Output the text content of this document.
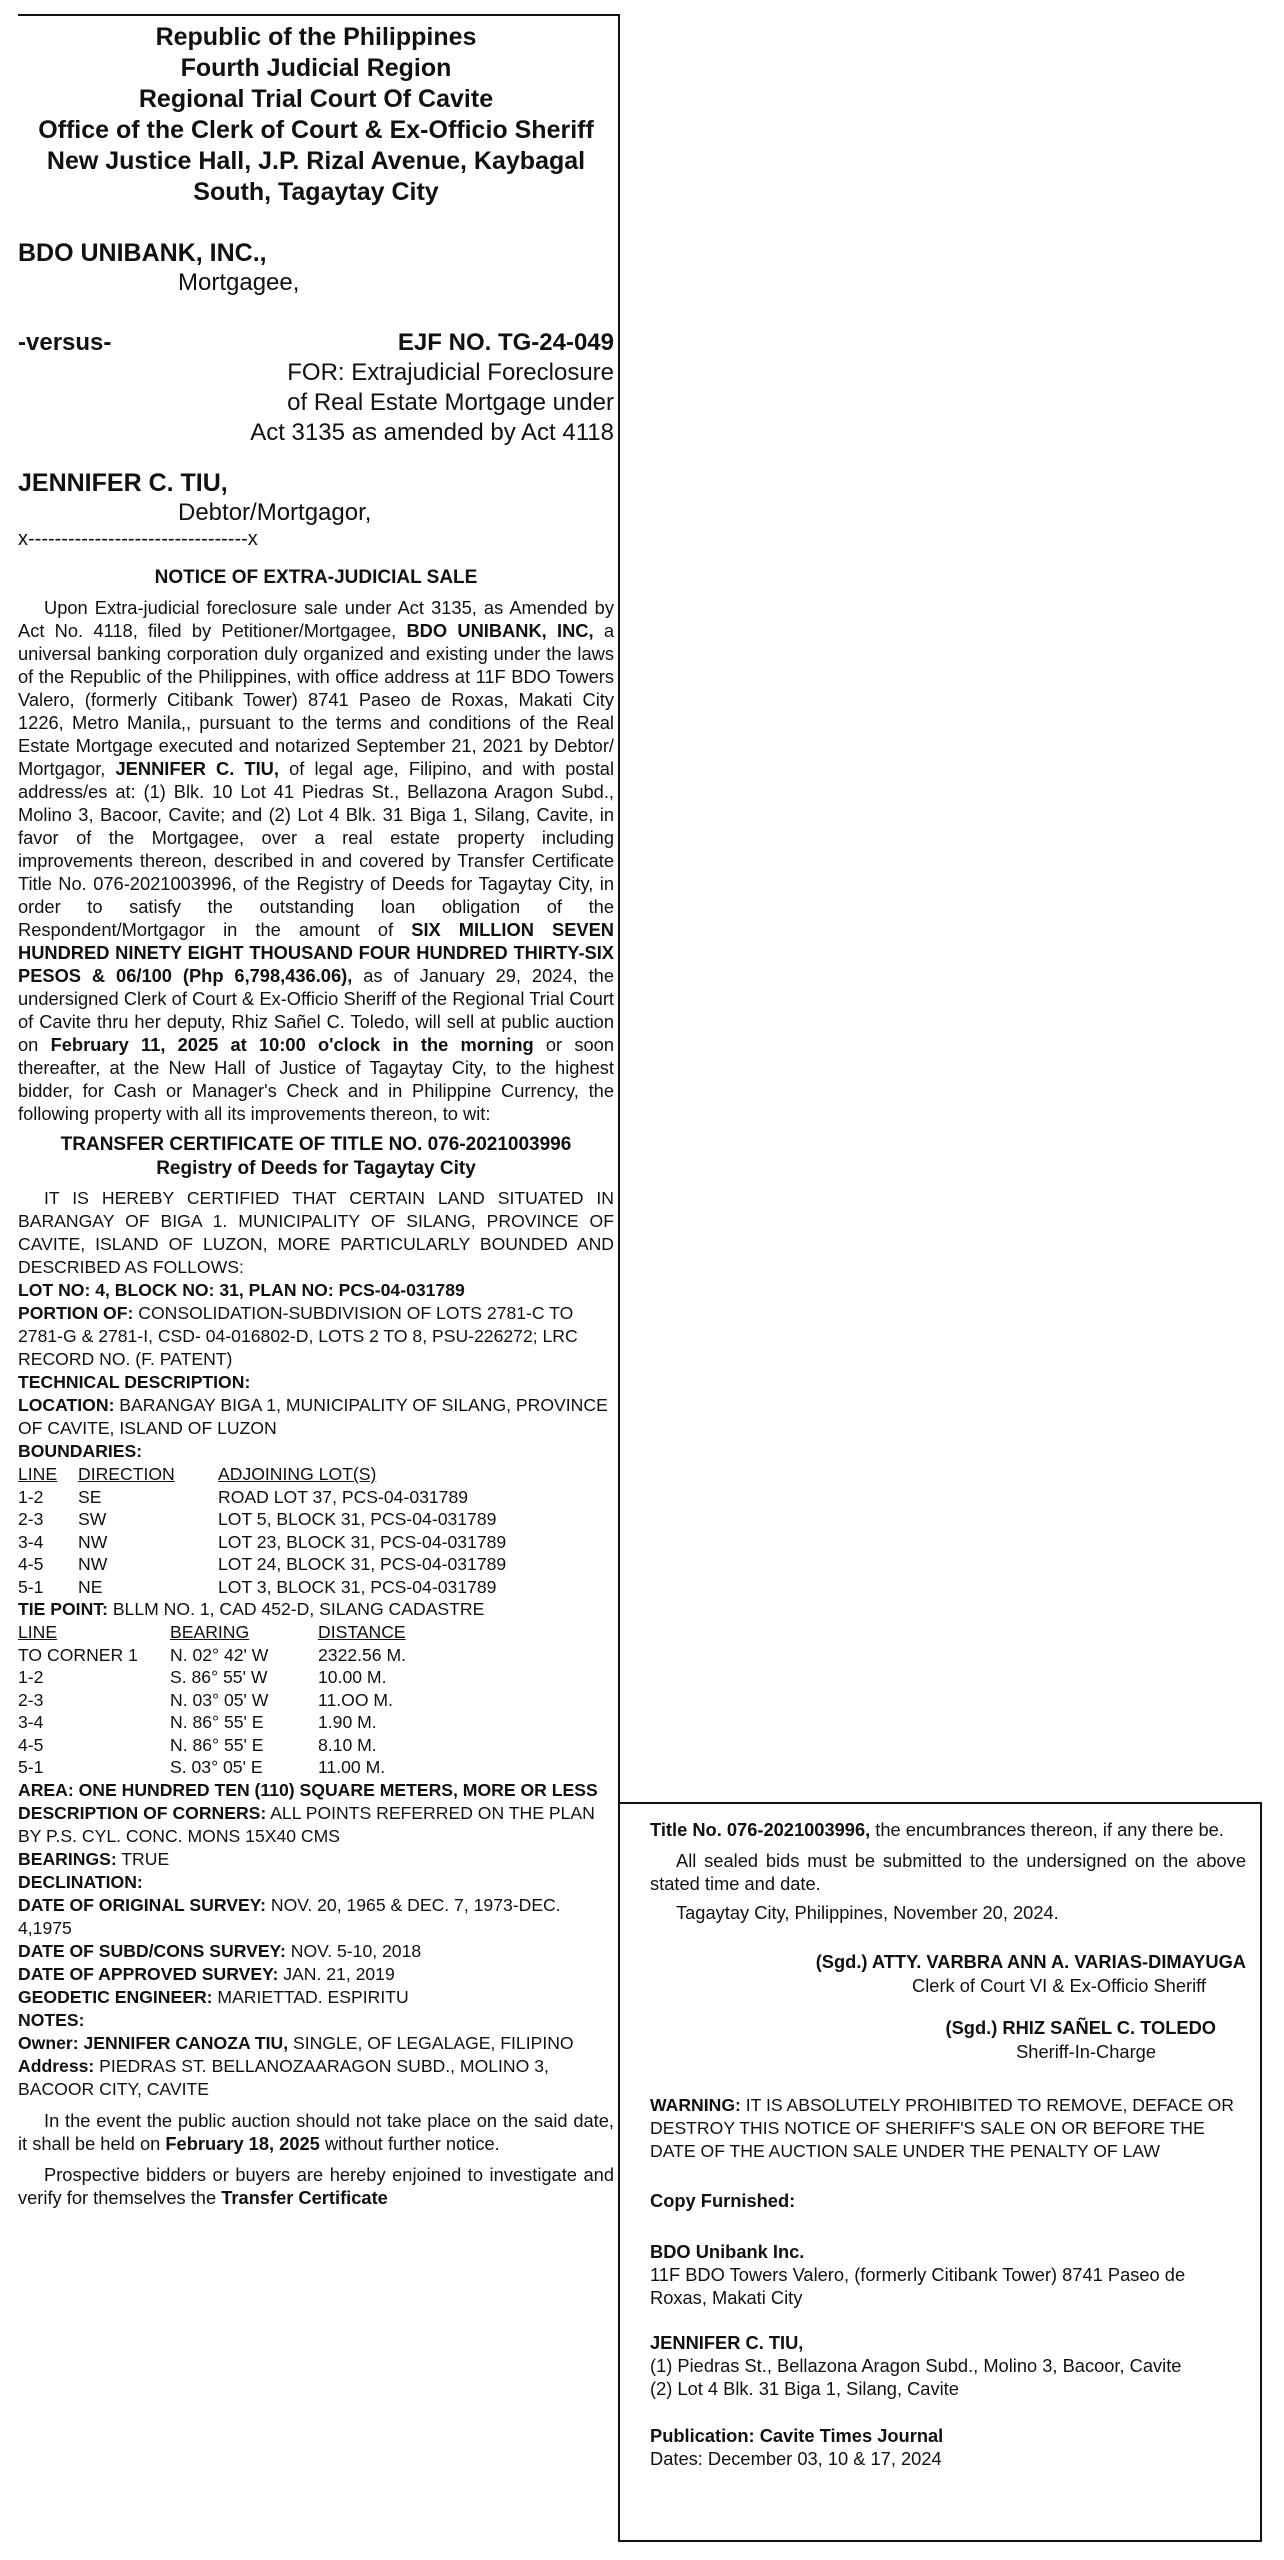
Republic of the Philippines
Fourth Judicial Region
Regional Trial Court Of Cavite
Office of the Clerk of Court & Ex-Officio Sheriff
New Justice Hall, J.P. Rizal Avenue, Kaybagal
South, Tagaytay City
BDO UNIBANK, INC.,
Mortgagee,
-versus-	EJF NO. TG-24-049
FOR: Extrajudicial Foreclosure
of Real Estate Mortgage under
Act 3135 as amended by Act 4118
JENNIFER C. TIU,
Debtor/Mortgagor,
x---------------------------------x
NOTICE OF EXTRA-JUDICIAL SALE

Upon Extra-judicial foreclosure sale under Act 3135, as Amended by Act No. 4118, filed by Petitioner/Mortgagee, BDO UNIBANK, INC, a universal banking corporation duly organized and existing under the laws of the Republic of the Philippines, with office address at 11F BDO Towers Valero, (formerly Citibank Tower) 8741 Paseo de Roxas, Makati City 1226, Metro Manila,, pursuant to the terms and conditions of the Real Estate Mortgage executed and notarized September 21, 2021 by Debtor/ Mortgagor, JENNIFER C. TIU, of legal age, Filipino, and with postal address/es at: (1) Blk. 10 Lot 41 Piedras St., Bellazona Aragon Subd., Molino 3, Bacoor, Cavite; and (2) Lot 4 Blk. 31 Biga 1, Silang, Cavite, in favor of the Mortgagee, over a real estate property including improvements thereon, described in and covered by Transfer Certificate Title No. 076-2021003996, of the Registry of Deeds for Tagaytay City, in order to satisfy the outstanding loan obligation of the Respondent/Mortgagor in the amount of SIX MILLION SEVEN HUNDRED NINETY EIGHT THOUSAND FOUR HUNDRED THIRTY-SIX PESOS & 06/100 (Php 6,798,436.06), as of January 29, 2024, the undersigned Clerk of Court & Ex-Officio Sheriff of the Regional Trial Court of Cavite thru her deputy, Rhiz Sañel C. Toledo, will sell at public auction on February 11, 2025 at 10:00 o'clock in the morning or soon thereafter, at the New Hall of Justice of Tagaytay City, to the highest bidder, for Cash or Manager's Check and in Philippine Currency, the following property with all its improvements thereon, to wit:

TRANSFER CERTIFICATE OF TITLE NO. 076-2021003996
Registry of Deeds for Tagaytay City

IT IS HEREBY CERTIFIED THAT CERTAIN LAND SITUATED IN BARANGAY OF BIGA 1. MUNICIPALITY OF SILANG, PROVINCE OF CAVITE, ISLAND OF LUZON, MORE PARTICULARLY BOUNDED AND DESCRIBED AS FOLLOWS:

LOT NO: 4, BLOCK NO: 31, PLAN NO: PCS-04-031789

PORTION OF: CONSOLIDATION-SUBDIVISION OF LOTS 2781-C TO 2781-G & 2781-I, CSD- 04-016802-D, LOTS 2 TO 8, PSU-226272; LRC RECORD NO. (F. PATENT)

TECHNICAL DESCRIPTION:

LOCATION: BARANGAY BIGA 1, MUNICIPALITY OF SILANG, PROVINCE OF CAVITE, ISLAND OF LUZON

BOUNDARIES:

LINE	DIRECTION	ADJOINING LOT(S)
1-2	SE	ROAD LOT 37, PCS-04-031789
2-3	SW	LOT 5, BLOCK 31, PCS-04-031789
3-4	NW	LOT 23, BLOCK 31, PCS-04-031789
4-5	NW	LOT 24, BLOCK 31, PCS-04-031789
5-1	NE	LOT 3, BLOCK 31, PCS-04-031789

TIE POINT: BLLM NO. 1, CAD 452-D, SILANG CADASTRE

LINE	BEARING	DISTANCE
TO CORNER 1	N. 02° 42' W	2322.56 M.
1-2	S. 86° 55' W	10.00 M.
2-3	N. 03° 05' W	11.OO M.
3-4	N. 86° 55' E	1.90 M.
4-5	N. 86° 55' E	8.10 M.
5-1	S. 03° 05' E	11.00 M.

AREA: ONE HUNDRED TEN (110) SQUARE METERS, MORE OR LESS

DESCRIPTION OF CORNERS: ALL POINTS REFERRED ON THE PLAN BY P.S. CYL. CONC. MONS 15X40 CMS

BEARINGS: TRUE

DECLINATION:

DATE OF ORIGINAL SURVEY: NOV. 20, 1965 & DEC. 7, 1973-DEC. 4,1975

DATE OF SUBD/CONS SURVEY: NOV. 5-10, 2018

DATE OF APPROVED SURVEY: JAN. 21, 2019

GEODETIC ENGINEER: MARIETTAD. ESPIRITU

NOTES:

Owner: JENNIFER CANOZA TIU, SINGLE, OF LEGALAGE, FILIPINO

Address: PIEDRAS ST. BELLANOZAARAGON SUBD., MOLINO 3, BACOOR CITY, CAVITE

In the event the public auction should not take place on the said date, it shall be held on February 18, 2025 without further notice.

Prospective bidders or buyers are hereby enjoined to investigate and verify for themselves the Transfer Certificate

Title No. 076-2021003996, the encumbrances thereon, if any there be.

All sealed bids must be submitted to the undersigned on the above stated time and date.

Tagaytay City, Philippines, November 20, 2024.

(Sgd.) ATTY. VARBRA ANN A. VARIAS-DIMAYUGA
Clerk of Court VI & Ex-Officio Sheriff
(Sgd.) RHIZ SAÑEL C. TOLEDO
Sheriff-In-Charge

WARNING: IT IS ABSOLUTELY PROHIBITED TO REMOVE, DEFACE OR DESTROY THIS NOTICE OF SHERIFF'S SALE ON OR BEFORE THE DATE OF THE AUCTION SALE UNDER THE PENALTY OF LAW

Copy Furnished:

BDO Unibank Inc.

11F BDO Towers Valero, (formerly Citibank Tower) 8741 Paseo de Roxas, Makati City

JENNIFER C. TIU,

(1) Piedras St., Bellazona Aragon Subd., Molino 3, Bacoor, Cavite

(2) Lot 4 Blk. 31 Biga 1, Silang, Cavite

Publication: Cavite Times Journal

Dates: December 03, 10 & 17, 2024
